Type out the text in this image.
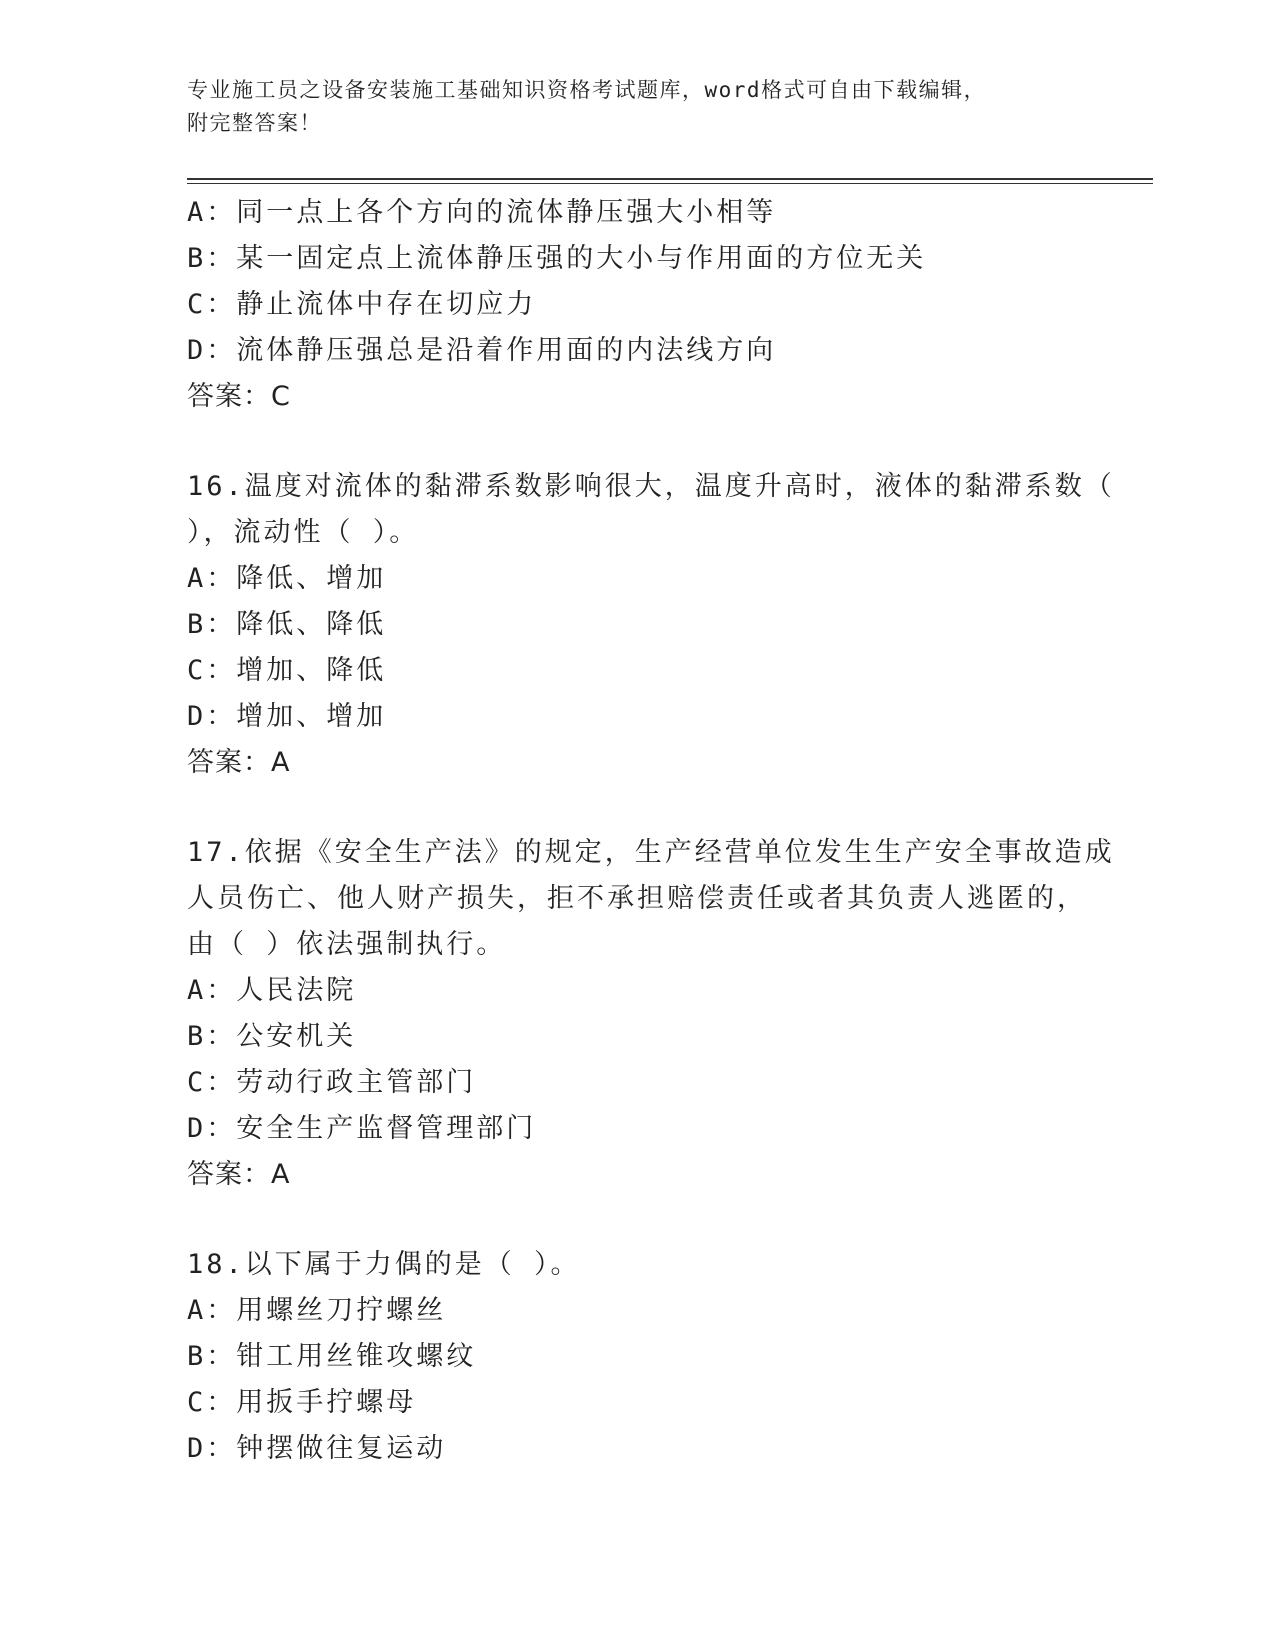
专业施工员之设备安装施工基础知识资格考试题库，word格式可自由下载编辑，
附完整答案！
A：同一点上各个方向的流体静压强大小相等
B：某一固定点上流体静压强的大小与作用面的方位无关
C：静止流体中存在切应力
D：流体静压强总是沿着作用面的内法线方向
答案：C
16.温度对流体的黏滞系数影响很大，温度升高时，液体的黏滞系数（
），流动性（ ）。
A：降低、增加
B：降低、降低
C：增加、降低
D：增加、增加
答案：A
17.依据《安全生产法》的规定，生产经营单位发生生产安全事故造成
人员伤亡、他人财产损失，拒不承担赔偿责任或者其负责人逃匿的，
由（ ）依法强制执行。
A：人民法院
B：公安机关
C：劳动行政主管部门
D：安全生产监督管理部门
答案：A
18.以下属于力偶的是（ ）。
A：用螺丝刀拧螺丝
B：钳工用丝锥攻螺纹
C：用扳手拧螺母
D：钟摆做往复运动
